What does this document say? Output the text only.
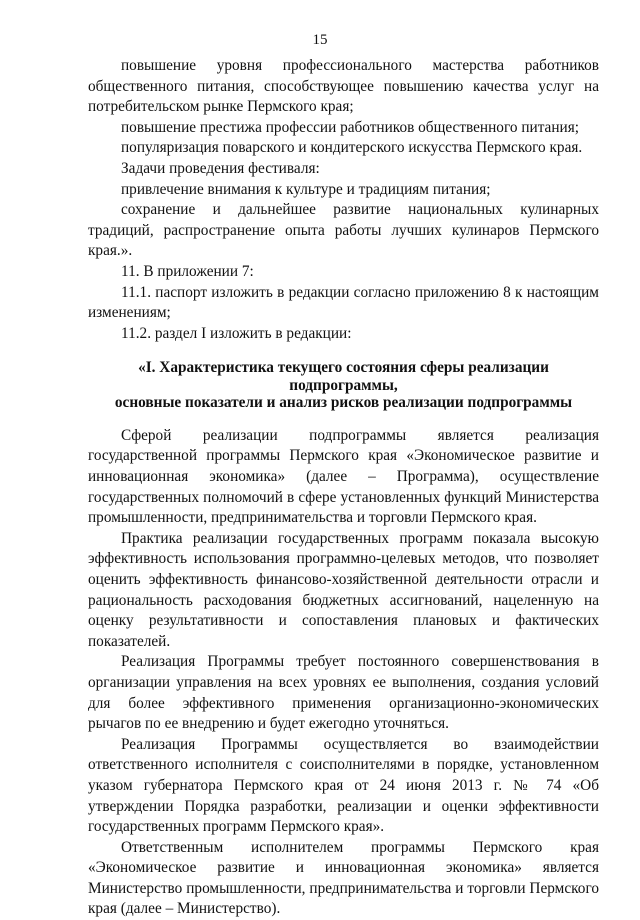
15

повышение уровня профессионального мастерства работников общественного питания, способствующее повышению качества услуг на потребительском рынке Пермского края;

повышение престижа профессии работников общественного питания;

популяризация поварского и кондитерского искусства Пермского края.

Задачи проведения фестиваля:

привлечение внимания к культуре и традициям питания;

сохранение и дальнейшее развитие национальных кулинарных традиций, распространение опыта работы лучших кулинаров Пермского края.».

11. В приложении 7:

11.1. паспорт изложить в редакции согласно приложению 8 к настоящим изменениям;

11.2. раздел I изложить в редакции:

«I. Характеристика текущего состояния сферы реализации подпрограммы,
основные показатели и анализ рисков реализации подпрограммы

Сферой реализации подпрограммы является реализация государственной программы Пермского края «Экономическое развитие и инновационная экономика» (далее – Программа), осуществление государственных полномочий в сфере установленных функций Министерства промышленности, предпринимательства и торговли Пермского края.

Практика реализации государственных программ показала высокую эффективность использования программно-целевых методов, что позволяет оценить эффективность финансово-хозяйственной деятельности отрасли и рациональность расходования бюджетных ассигнований, нацеленную на оценку результативности и сопоставления плановых и фактических показателей.

Реализация Программы требует постоянного совершенствования в организации управления на всех уровнях ее выполнения, создания условий для более эффективного применения организационно-экономических рычагов по ее внедрению и будет ежегодно уточняться.

Реализация Программы осуществляется во взаимодействии ответственного исполнителя с соисполнителями в порядке, установленном указом губернатора Пермского края от 24 июня 2013 г. № 74 «Об утверждении Порядка разработки, реализации и оценки эффективности государственных программ Пермского края».

Ответственным исполнителем программы Пермского края «Экономическое развитие и инновационная экономика» является Министерство промышленности, предпринимательства и торговли Пермского края (далее – Министерство).
